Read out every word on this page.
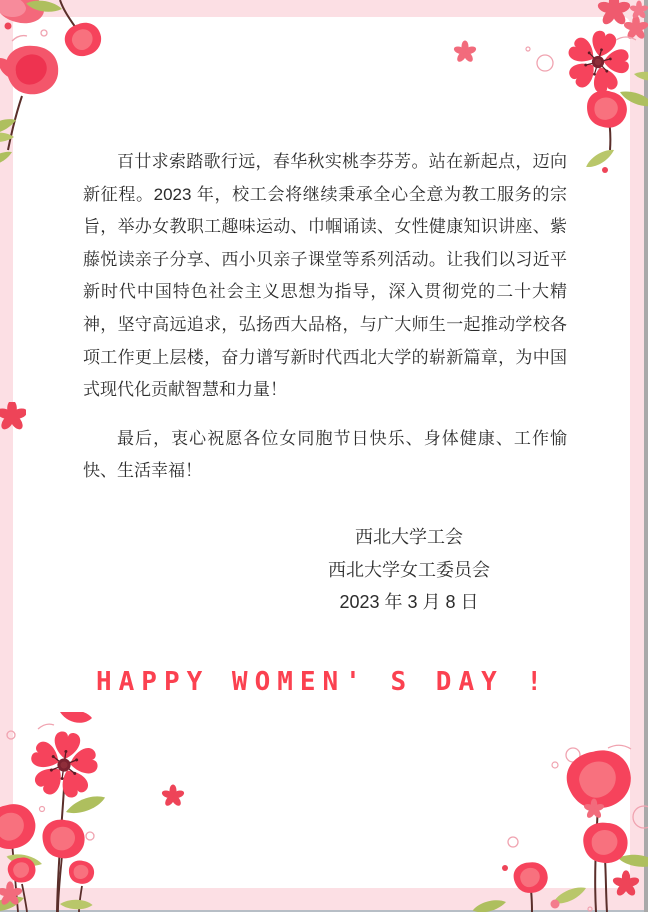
百廿求索踏歌行远，春华秋实桃李芬芳。站在新起点，迈向新征程。2023 年，校工会将继续秉承全心全意为教工服务的宗旨，举办女教职工趣味运动、巾帼诵读、女性健康知识讲座、紫藤悦读亲子分享、西小贝亲子课堂等系列活动。让我们以习近平新时代中国特色社会主义思想为指导，深入贯彻党的二十大精神，坚守高远追求，弘扬西大品格，与广大师生一起推动学校各项工作更上层楼，奋力谱写新时代西北大学的崭新篇章，为中国式现代化贡献智慧和力量！

最后，衷心祝愿各位女同胞节日快乐、身体健康、工作愉快、生活幸福！

西北大学工会
西北大学女工委员会
2023 年 3 月 8 日
HAPPY WOMEN' S DAY !
